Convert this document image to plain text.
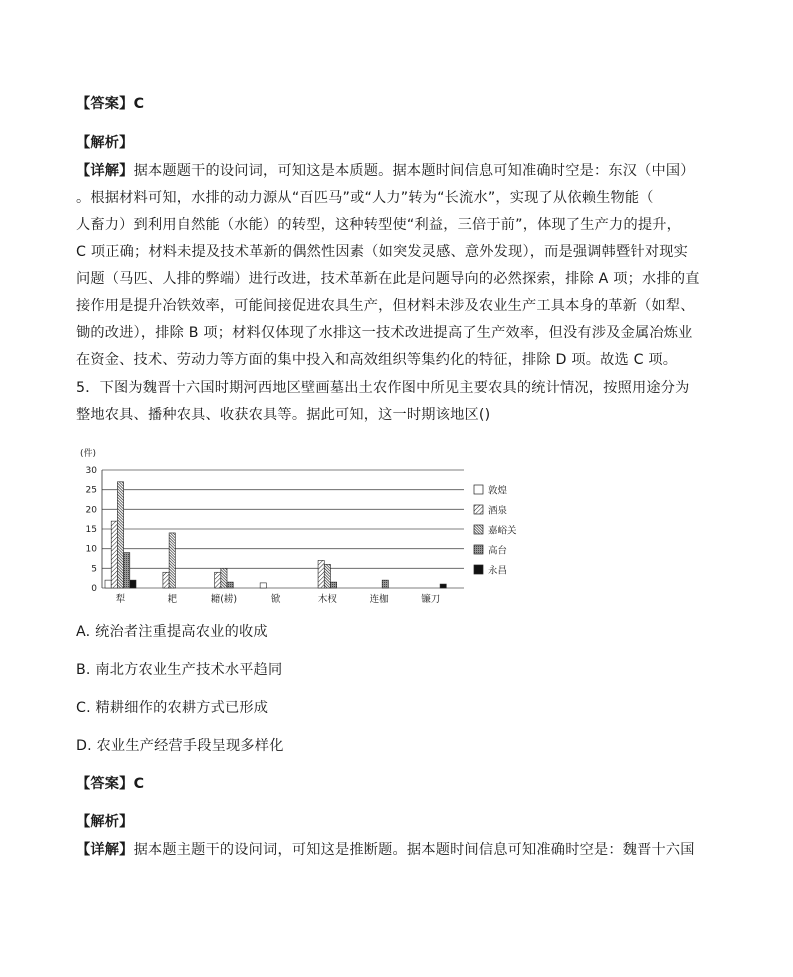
【答案】C
【解析】
【详解】据本题题干的设问词，可知这是本质题。据本题时间信息可知准确时空是：东汉（中国）
。根据材料可知，水排的动力源从“百匹马”或“人力”转为“长流水”，实现了从依赖生物能（
人畜力）到利用自然能（水能）的转型，这种转型使“利益，三倍于前”，体现了生产力的提升，
C 项正确；材料未提及技术革新的偶然性因素（如突发灵感、意外发现），而是强调韩暨针对现实
问题（马匹、人排的弊端）进行改进，技术革新在此是问题导向的必然探索，排除 A 项；水排的直
接作用是提升冶铁效率，可能间接促进农具生产，但材料未涉及农业生产工具本身的革新（如犁、
锄的改进），排除 B 项；材料仅体现了水排这一技术改进提高了生产效率，但没有涉及金属冶炼业
在资金、技术、劳动力等方面的集中投入和高效组织等集约化的特征，排除 D 项。故选 C 项。
5．下图为魏晋十六国时期河西地区壁画墓出土农作图中所见主要农具的统计情况，按照用途分为
整地农具、播种农具、收获农具等。据此可知，这一时期该地区()
(件)
0
5
10
15
20
25
30
犁	耙	耱(耢)	锨	木杈	连枷	镰刀
敦煌
酒泉
嘉峪关
高台
永昌
A. 统治者注重提高农业的收成
B. 南北方农业生产技术水平趋同
C. 精耕细作的农耕方式已形成
D. 农业生产经营手段呈现多样化
【答案】C
【解析】
【详解】据本题主题干的设问词，可知这是推断题。据本题时间信息可知准确时空是：魏晋十六国
